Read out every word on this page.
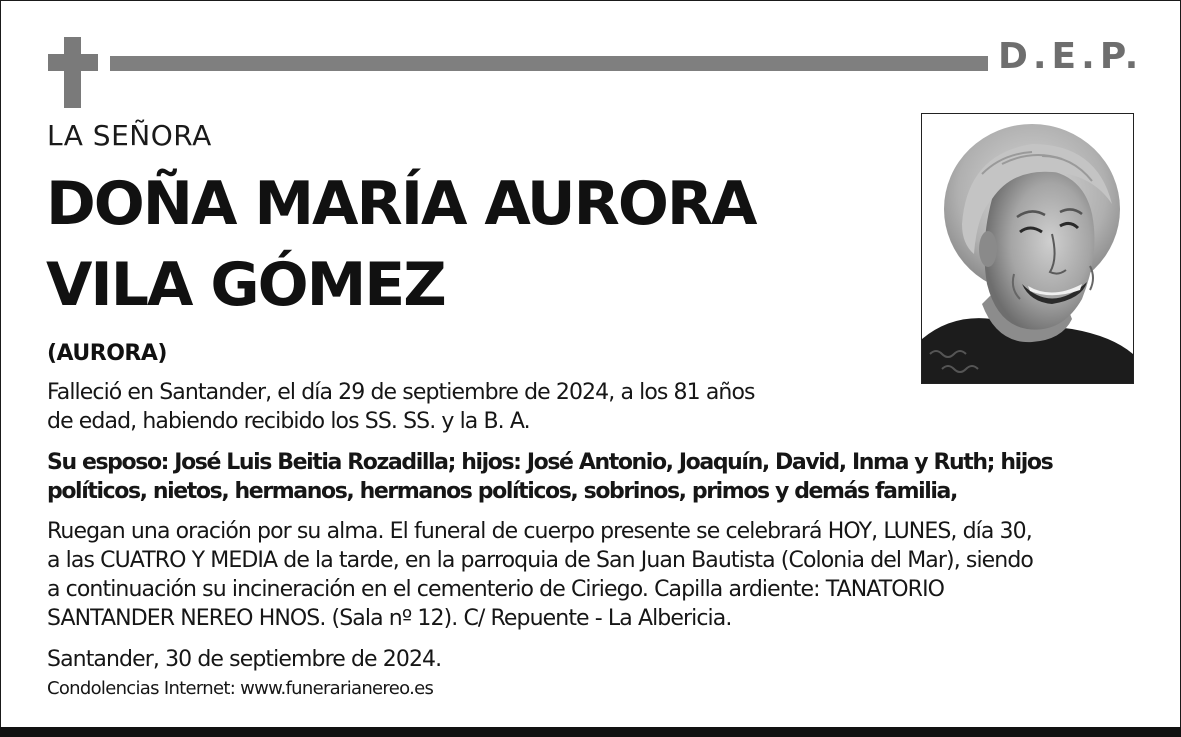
D.E.P.
LA SEÑORA
DOÑA MARÍA AURORA
VILA GÓMEZ
(AURORA)
Falleció en Santander, el día 29 de septiembre de 2024, a los 81 años
de edad, habiendo recibido los SS. SS. y la B. A.
Su esposo: José Luis Beitia Rozadilla; hijos: José Antonio, Joaquín, David, Inma y Ruth; hijos
políticos, nietos, hermanos, hermanos políticos, sobrinos, primos y demás familia,
Ruegan una oración por su alma. El funeral de cuerpo presente se celebrará HOY, LUNES, día 30,
a las CUATRO Y MEDIA de la tarde, en la parroquia de San Juan Bautista (Colonia del Mar), siendo
a continuación su incineración en el cementerio de Ciriego. Capilla ardiente: TANATORIO
SANTANDER NEREO HNOS. (Sala nº 12). C/ Repuente - La Albericia.
Santander, 30 de septiembre de 2024.
Condolencias Internet: www.funerarianereo.es
